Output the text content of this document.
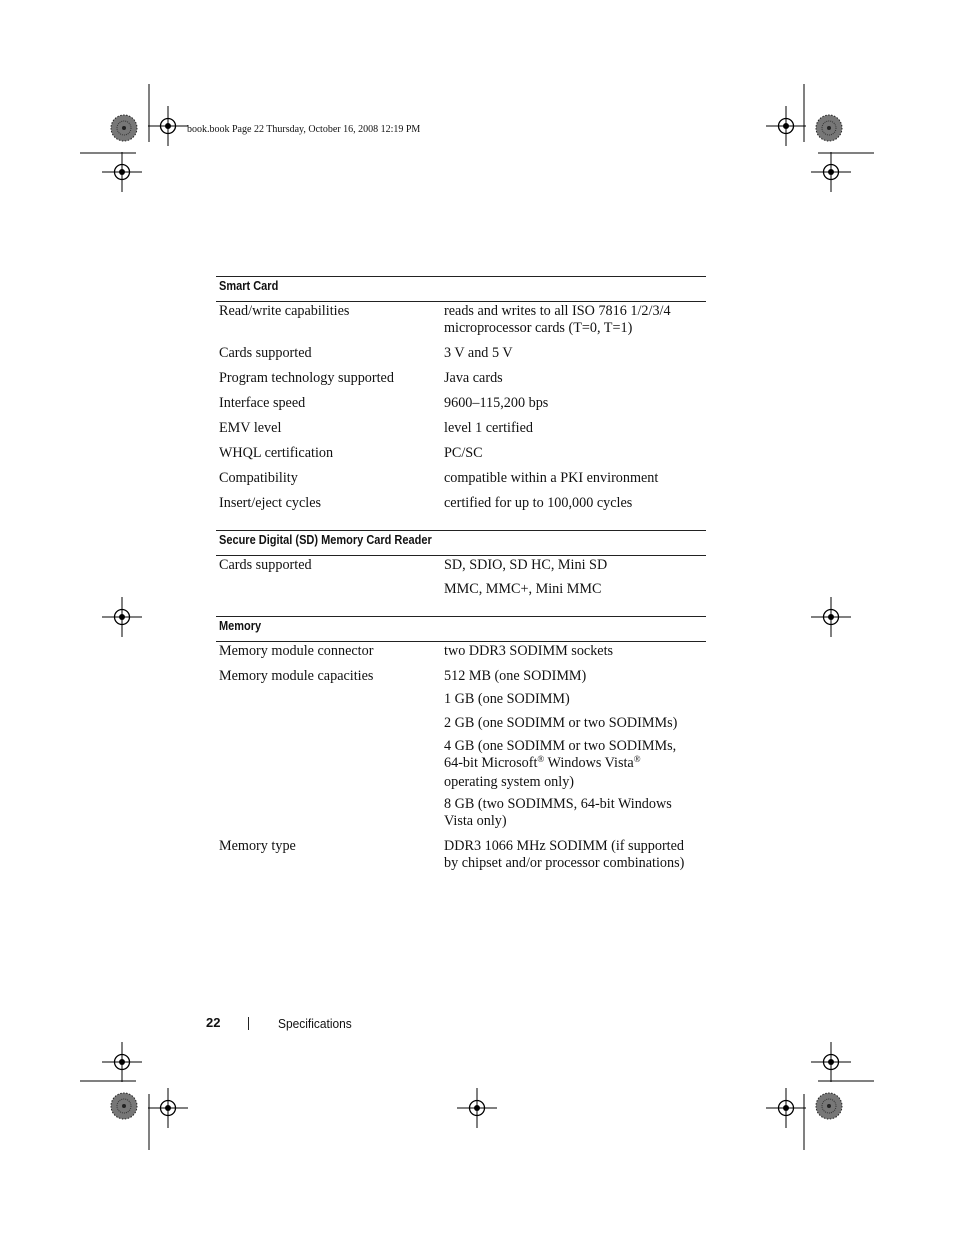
book.book Page 22 Thursday, October 16, 2008 12:19 PM
Smart Card
Read/write capabilities	reads and writes to all ISO 7816 1/2/3/4
microprocessor cards (T=0, T=1)
Cards supported	3 V and 5 V
Program technology supported	Java cards
Interface speed	9600–115,200 bps
EMV level	level 1 certified
WHQL certification	PC/SC
Compatibility	compatible within a PKI environment
Insert/eject cycles	certified for up to 100,000 cycles
Secure Digital (SD) Memory Card Reader
Cards supported	SD, SDIO, SD HC, Mini SD
MMC, MMC+, Mini MMC
Memory
Memory module connector	two DDR3 SODIMM sockets
Memory module capacities	512 MB (one SODIMM)
1 GB (one SODIMM)
2 GB (one SODIMM or two SODIMMs)
4 GB (one SODIMM or two SODIMMs,
64-bit Microsoft® Windows Vista®
operating system only)
8 GB (two SODIMMS, 64-bit Windows
Vista only)
Memory type	DDR3 1066 MHz SODIMM (if supported
by chipset and/or processor combinations)
22	Specifications
